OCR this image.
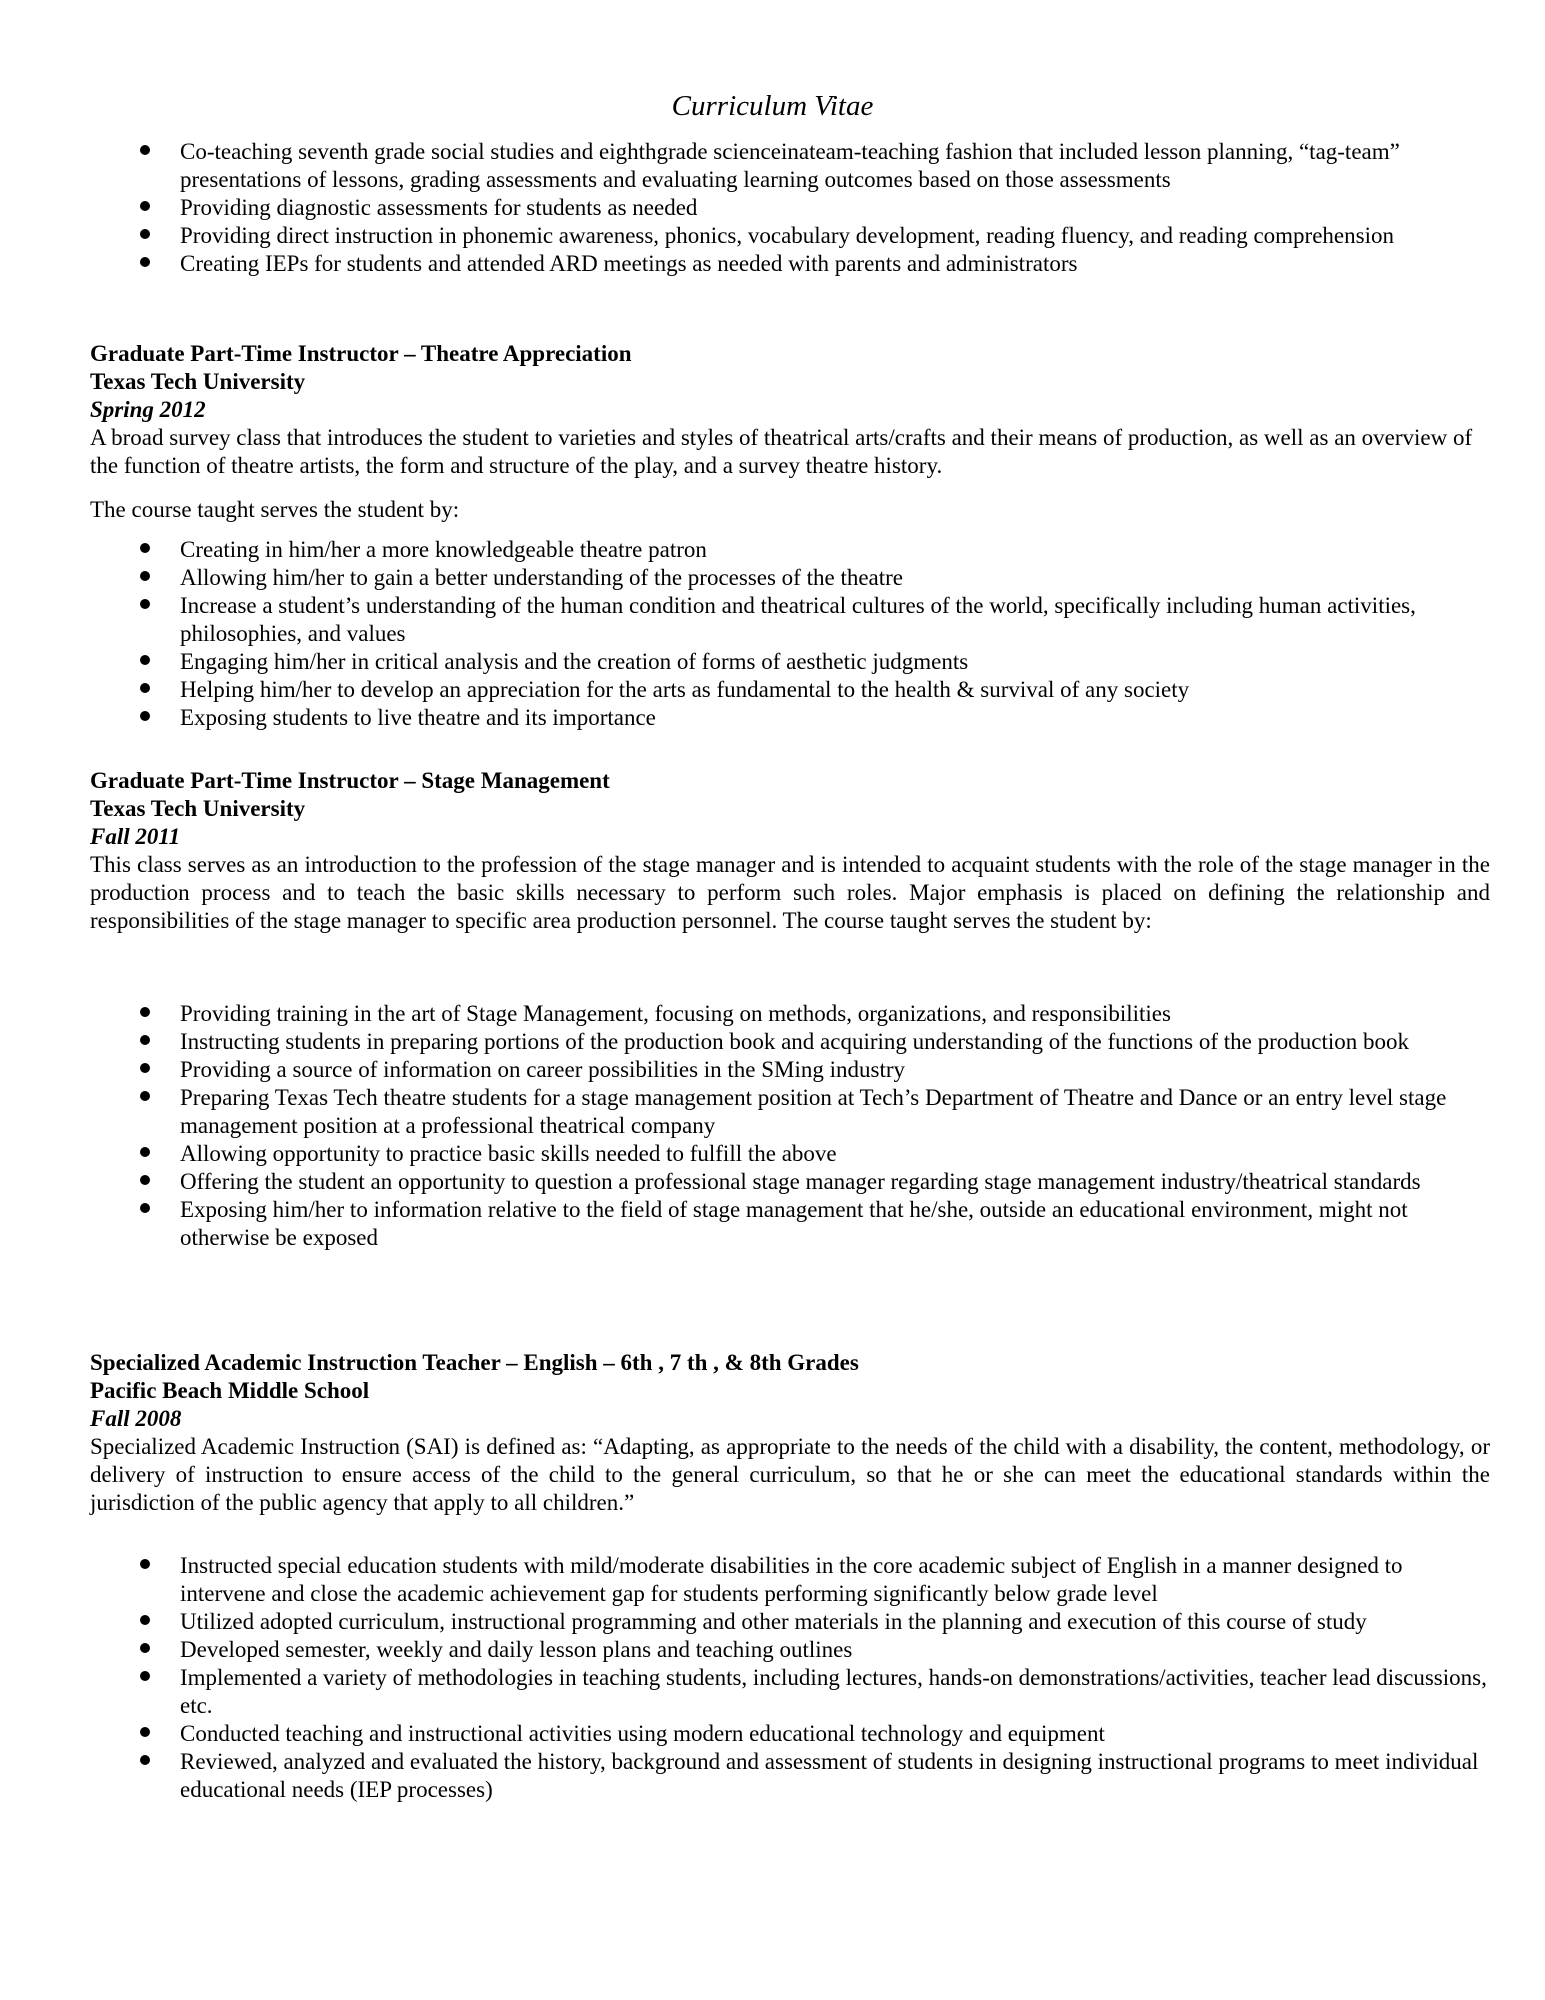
Curriculum Vitae
Co-teaching seventh grade social studies and eighthgrade scienceinateam-teaching fashion that included lesson planning, “tag-team” presentations of lessons, grading assessments and evaluating learning outcomes based on those assessments
Providing diagnostic assessments for students as needed
Providing direct instruction in phonemic awareness, phonics, vocabulary development, reading fluency, and reading comprehension
Creating IEPs for students and attended ARD meetings as needed with parents and administrators

Graduate Part-Time Instructor – Theatre Appreciation

Texas Tech University

Spring 2012

A broad survey class that introduces the student to varieties and styles of theatrical arts/crafts and their means of production, as well as an overview of the function of theatre artists, the form and structure of the play, and a survey theatre history.

The course taught serves the student by:

Creating in him/her a more knowledgeable theatre patron
Allowing him/her to gain a better understanding of the processes of the theatre
Increase a student’s understanding of the human condition and theatrical cultures of the world, specifically including human activities, philosophies, and values
Engaging him/her in critical analysis and the creation of forms of aesthetic judgments
Helping him/her to develop an appreciation for the arts as fundamental to the health & survival of any society
Exposing students to live theatre and its importance

Graduate Part-Time Instructor – Stage Management

Texas Tech University

Fall 2011

This class serves as an introduction to the profession of the stage manager and is intended to acquaint students with the role of the stage manager in the production process and to teach the basic skills necessary to perform such roles. Major emphasis is placed on defining the relationship and responsibilities of the stage manager to specific area production personnel. The course taught serves the student by:

Providing training in the art of Stage Management, focusing on methods, organizations, and responsibilities
Instructing students in preparing portions of the production book and acquiring understanding of the functions of the production book
Providing a source of information on career possibilities in the SMing industry
Preparing Texas Tech theatre students for a stage management position at Tech’s Department of Theatre and Dance or an entry level stage management position at a professional theatrical company
Allowing opportunity to practice basic skills needed to fulfill the above
Offering the student an opportunity to question a professional stage manager regarding stage management industry/theatrical standards
Exposing him/her to information relative to the field of stage management that he/she, outside an educational environment, might not otherwise be exposed

Specialized Academic Instruction Teacher – English – 6th , 7 th , & 8th Grades

Pacific Beach Middle School

Fall 2008

Specialized Academic Instruction (SAI) is defined as: “Adapting, as appropriate to the needs of the child with a disability, the content, methodology, or delivery of instruction to ensure access of the child to the general curriculum, so that he or she can meet the educational standards within the jurisdiction of the public agency that apply to all children.”

Instructed special education students with mild/moderate disabilities in the core academic subject of English in a manner designed to intervene and close the academic achievement gap for students performing significantly below grade level
Utilized adopted curriculum, instructional programming and other materials in the planning and execution of this course of study
Developed semester, weekly and daily lesson plans and teaching outlines
Implemented a variety of methodologies in teaching students, including lectures, hands-on demonstrations/activities, teacher lead discussions, etc.
Conducted teaching and instructional activities using modern educational technology and equipment
Reviewed, analyzed and evaluated the history, background and assessment of students in designing instructional programs to meet individual educational needs (IEP processes)
